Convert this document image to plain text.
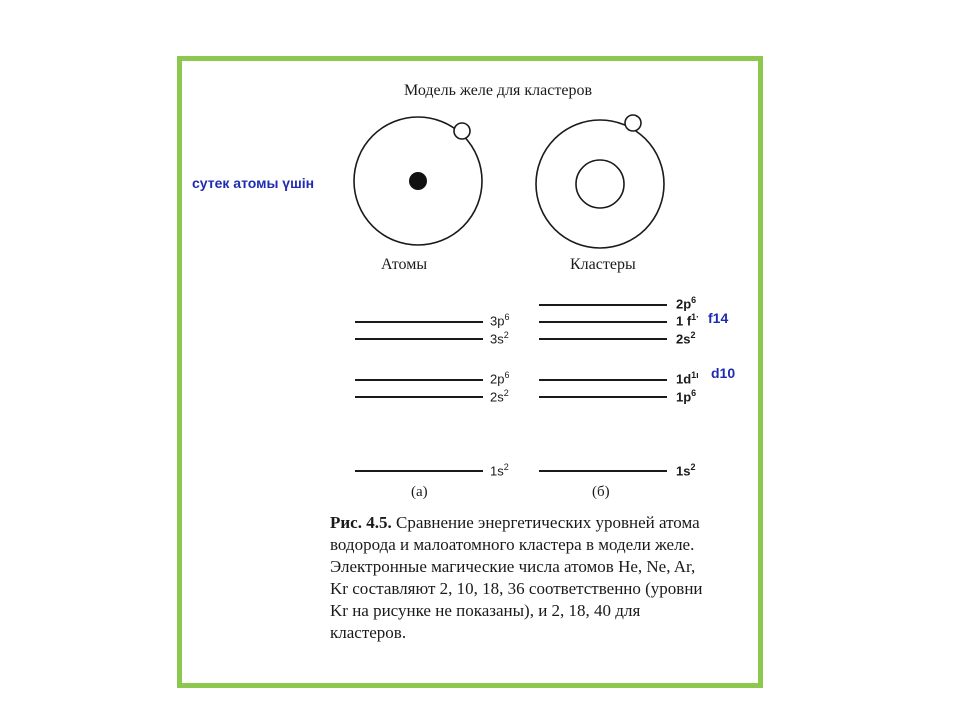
Модель желе для кластеров
сутек атомы үшін
Атомы	Кластеры
$3p^6$
$3s^2$
$2p^6$
$2s^2$
$1s^2$
$2p^6$
1 $f^{1\cdot}$
$2s^2$
$1d^{1ı}$
$1p^6$
$1s^2$
f14
d10
(а)	(б)
Рис. 4.5. Сравнение энергетических уровней атома водорода и малоатомного кластера в модели желе. Электронные магические числа атомов He, Ne, Ar, Kr составляют 2, 10, 18, 36 соответственно (уровни Kr на рисунке не показаны), и 2, 18, 40 для кластеров.
